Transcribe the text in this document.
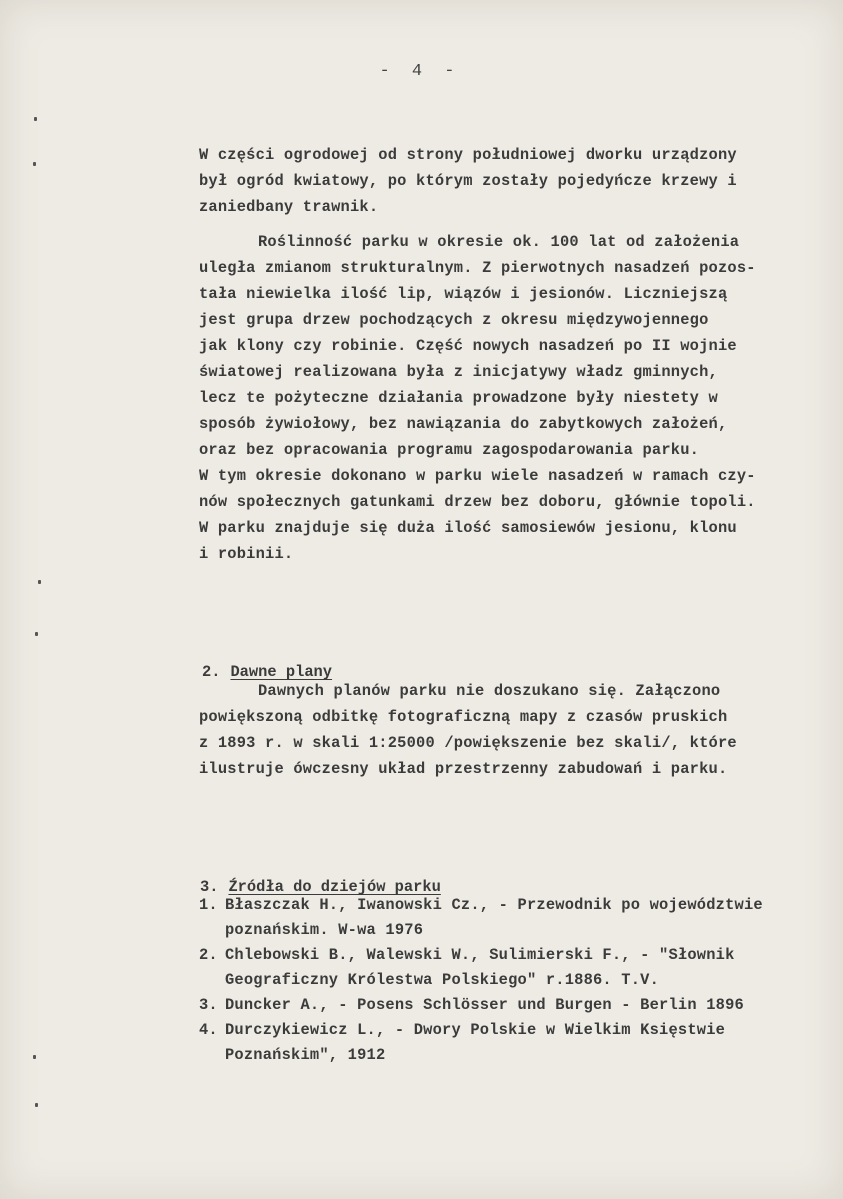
- 4 -
W części ogrodowej od strony południowej dworku urządzony
był ogród kwiatowy, po którym zostały pojedyńcze krzewy i
zaniedbany trawnik.
Roślinność parku w okresie ok. 100 lat od założenia
uległa zmianom strukturalnym. Z pierwotnych nasadzeń pozos-
tała niewielka ilość lip, wiązów i jesionów. Liczniejszą
jest grupa drzew pochodzących z okresu międzywojennego
jak klony czy robinie. Część nowych nasadzeń po II wojnie
światowej realizowana była z inicjatywy władz gminnych,
lecz te pożyteczne działania prowadzone były niestety w
sposób żywiołowy, bez nawiązania do zabytkowych założeń,
oraz bez opracowania programu zagospodarowania parku.
W tym okresie dokonano w parku wiele nasadzeń w ramach czy-
nów społecznych gatunkami drzew bez doboru, głównie topoli.
W parku znajduje się duża ilość samosiewów jesionu, klonu
i robinii.

2. Dawne plany

Dawnych planów parku nie doszukano się. Załączono
powiększoną odbitkę fotograficzną mapy z czasów pruskich
z 1893 r. w skali 1:25000 /powiększenie bez skali/, które
ilustruje ówczesny układ przestrzenny zabudowań i parku.

3. Źródła do dziejów parku

1. Błaszczak H., Iwanowski Cz., - Przewodnik po województwie
poznańskim. W-wa 1976
2. Chlebowski B., Walewski W., Sulimierski F., - "Słownik
Geograficzny Królestwa Polskiego" r.1886. T.V.
3. Duncker A., - Posens Schlösser und Burgen - Berlin 1896
4. Durczykiewicz L., - Dwory Polskie w Wielkim Księstwie
Poznańskim", 1912
